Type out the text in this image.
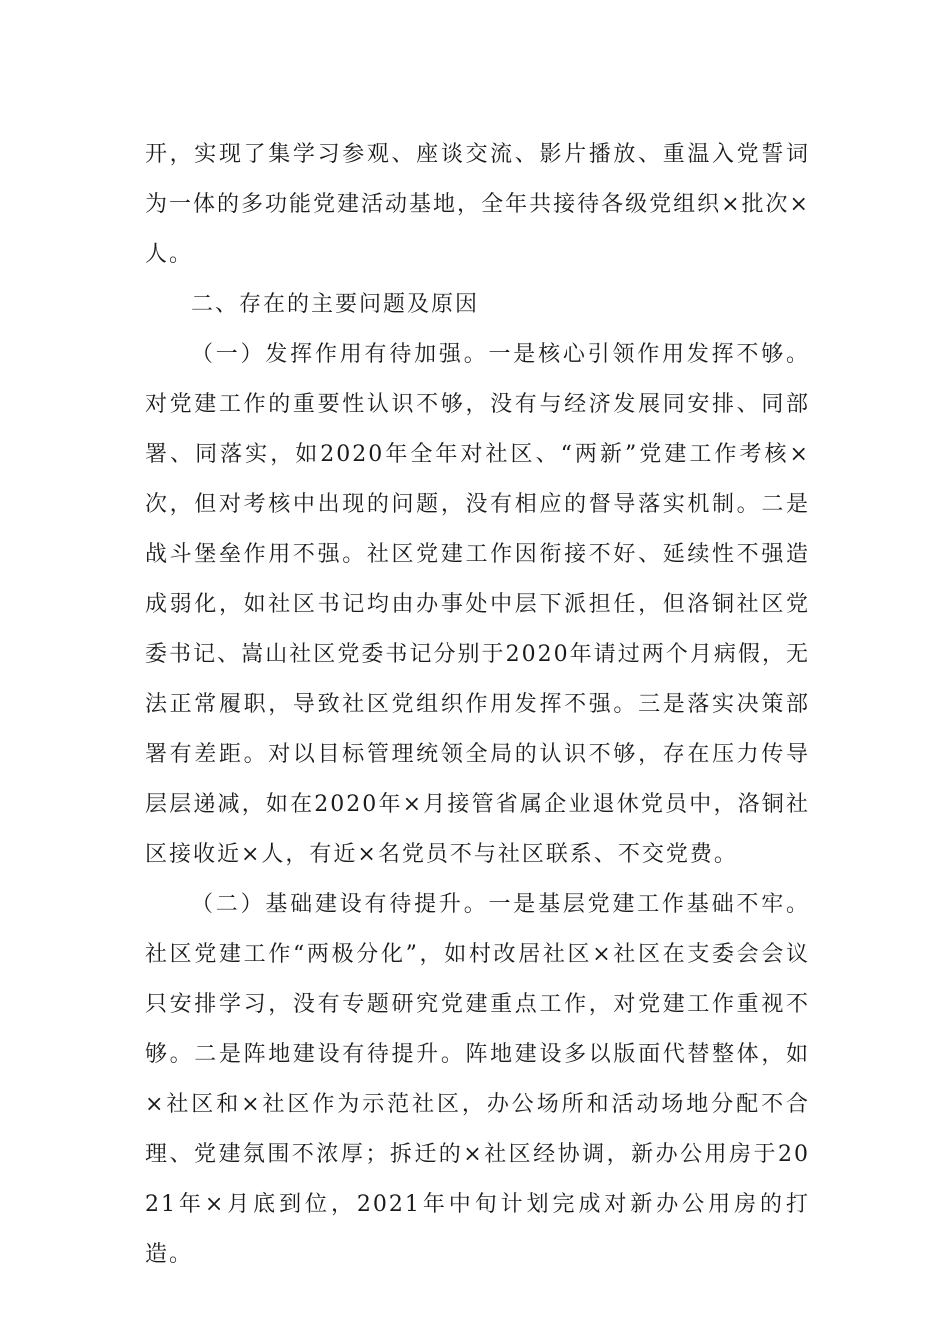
开，实现了集学习参观、座谈交流、影片播放、重温入党誓词为一体的多功能党建活动基地，全年共接待各级党组织×批次×人。

二、存在的主要问题及原因

（一）发挥作用有待加强。一是核心引领作用发挥不够。对党建工作的重要性认识不够，没有与经济发展同安排、同部署、同落实，如2020年全年对社区、“两新”党建工作考核×次，但对考核中出现的问题，没有相应的督导落实机制。二是战斗堡垒作用不强。社区党建工作因衔接不好、延续性不强造成弱化，如社区书记均由办事处中层下派担任，但洛铜社区党委书记、嵩山社区党委书记分别于2020年请过两个月病假，无法正常履职，导致社区党组织作用发挥不强。三是落实决策部署有差距。对以目标管理统领全局的认识不够，存在压力传导层层递减，如在2020年×月接管省属企业退休党员中，洛铜社区接收近×人，有近×名党员不与社区联系、不交党费。

（二）基础建设有待提升。一是基层党建工作基础不牢。社区党建工作“两极分化”，如村改居社区×社区在支委会会议只安排学习，没有专题研究党建重点工作，对党建工作重视不够。二是阵地建设有待提升。阵地建设多以版面代替整体，如×社区和×社区作为示范社区，办公场所和活动场地分配不合理、党建氛围不浓厚；拆迁的×社区经协调，新办公用房于2021年×月底到位，2021年中旬计划完成对新办公用房的打造。
